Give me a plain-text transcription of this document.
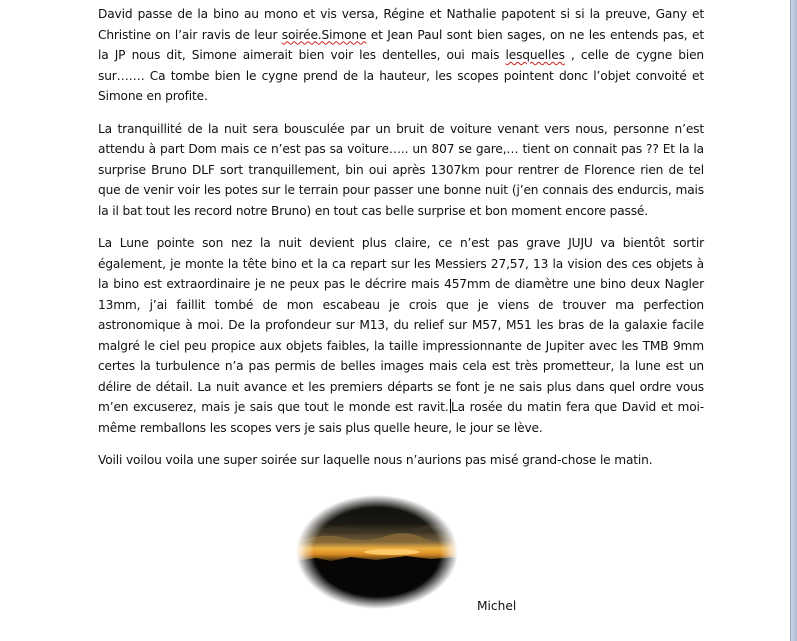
David passe de la bino au mono et vis versa, Régine et Nathalie papotent si si la preuve, Gany et Christine on l’air ravis de leur soirée.Simone et Jean Paul sont bien sages, on ne les entends pas, et la JP nous dit, Simone aimerait bien voir les dentelles, oui mais lesquelles , celle de cygne bien sur……. Ca tombe bien le cygne prend de la hauteur, les scopes pointent donc l’objet convoité et Simone en profite.

La tranquillité de la nuit sera bousculée par un bruit de voiture venant vers nous, personne n’est attendu à part Dom mais ce n’est pas sa voiture….. un 807 se gare,… tient on connait pas ?? Et la la surprise Bruno DLF sort tranquillement, bin oui après 1307km pour rentrer de Florence rien de tel que de venir voir les potes sur le terrain pour passer une bonne nuit (j’en connais des endurcis, mais la il bat tout les record notre Bruno) en tout cas belle surprise et bon moment encore passé.

La Lune pointe son nez la nuit devient plus claire, ce n’est pas grave JUJU va bientôt sortir également, je monte la tête bino et la ca repart sur les Messiers 27,57, 13 la vision des ces objets à la bino est extraordinaire je ne peux pas le décrire mais 457mm de diamètre une bino deux Nagler 13mm, j’ai faillit tombé de mon escabeau je crois que je viens de trouver ma perfection astronomique à moi. De la profondeur sur M13, du relief sur M57, M51 les bras de la galaxie facile malgré le ciel peu propice aux objets faibles, la taille impressionnante de Jupiter avec les TMB 9mm certes la turbulence n’a pas permis de belles images mais cela est très prometteur, la lune est un délire de détail. La nuit avance et les premiers départs se font je ne sais plus dans quel ordre vous m’en excuserez, mais je sais que tout le monde est ravit. La rosée du matin fera que David et moi-même remballons les scopes vers je sais plus quelle heure, le jour se lève.

Voili voilou voila une super soirée sur laquelle nous n’aurions pas misé grand-chose le matin.

Michel
